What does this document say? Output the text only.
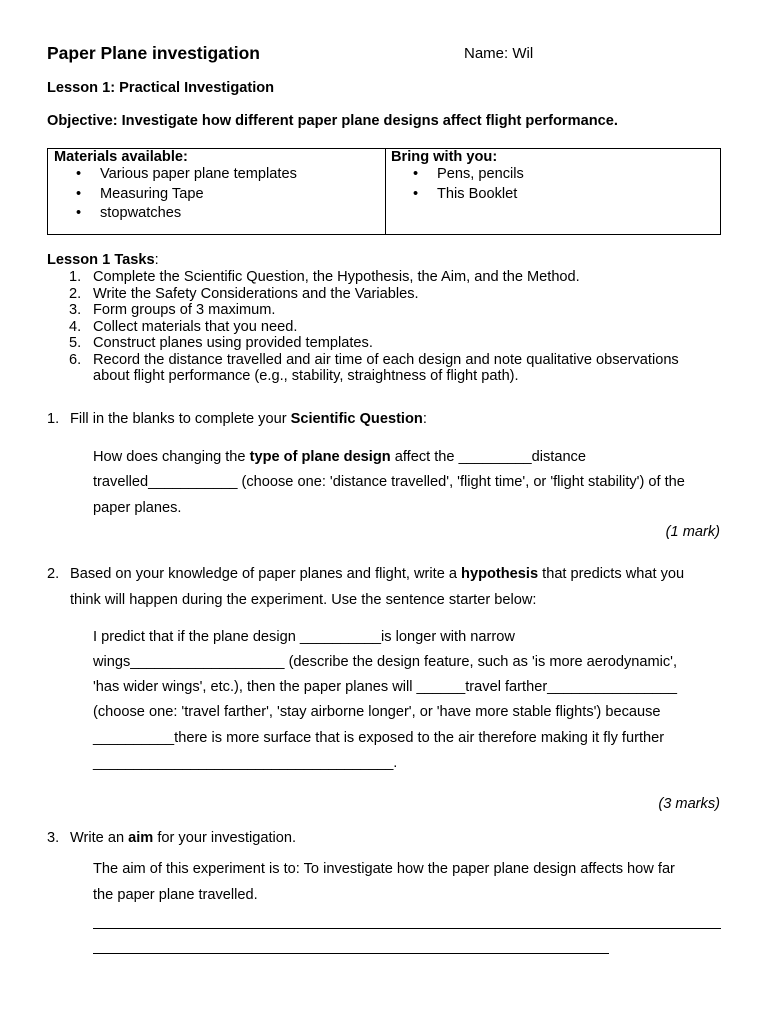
Paper Plane investigation	Name: Wil
Lesson 1: Practical Investigation
Objective: Investigate how different paper plane designs affect flight performance.
Materials available:
• Various paper plane templates
• Measuring Tape
• stopwatches
Bring with you:
• Pens, pencils
• This Booklet
Lesson 1 Tasks:
1. Complete the Scientific Question, the Hypothesis, the Aim, and the Method.
2. Write the Safety Considerations and the Variables.
3. Form groups of 3 maximum.
4. Collect materials that you need.
5. Construct planes using provided templates.
6. Record the distance travelled and air time of each design and note qualitative observations
about flight performance (e.g., stability, straightness of flight path).
1. Fill in the blanks to complete your Scientific Question:
How does changing the type of plane design affect the _________distance
travelled___________ (choose one: 'distance travelled', 'flight time', or 'flight stability') of the
paper planes.
(1 mark)
2. Based on your knowledge of paper planes and flight, write a hypothesis that predicts what you
think will happen during the experiment. Use the sentence starter below:
I predict that if the plane design __________is longer with narrow
wings___________________ (describe the design feature, such as 'is more aerodynamic',
'has wider wings', etc.), then the paper planes will ______travel farther________________
(choose one: 'travel farther', 'stay airborne longer', or 'have more stable flights') because
__________there is more surface that is exposed to the air therefore making it fly further
_____________________________________.
(3 marks)
3. Write an aim for your investigation.
The aim of this experiment is to: To investigate how the paper plane design affects how far
the paper plane travelled.
